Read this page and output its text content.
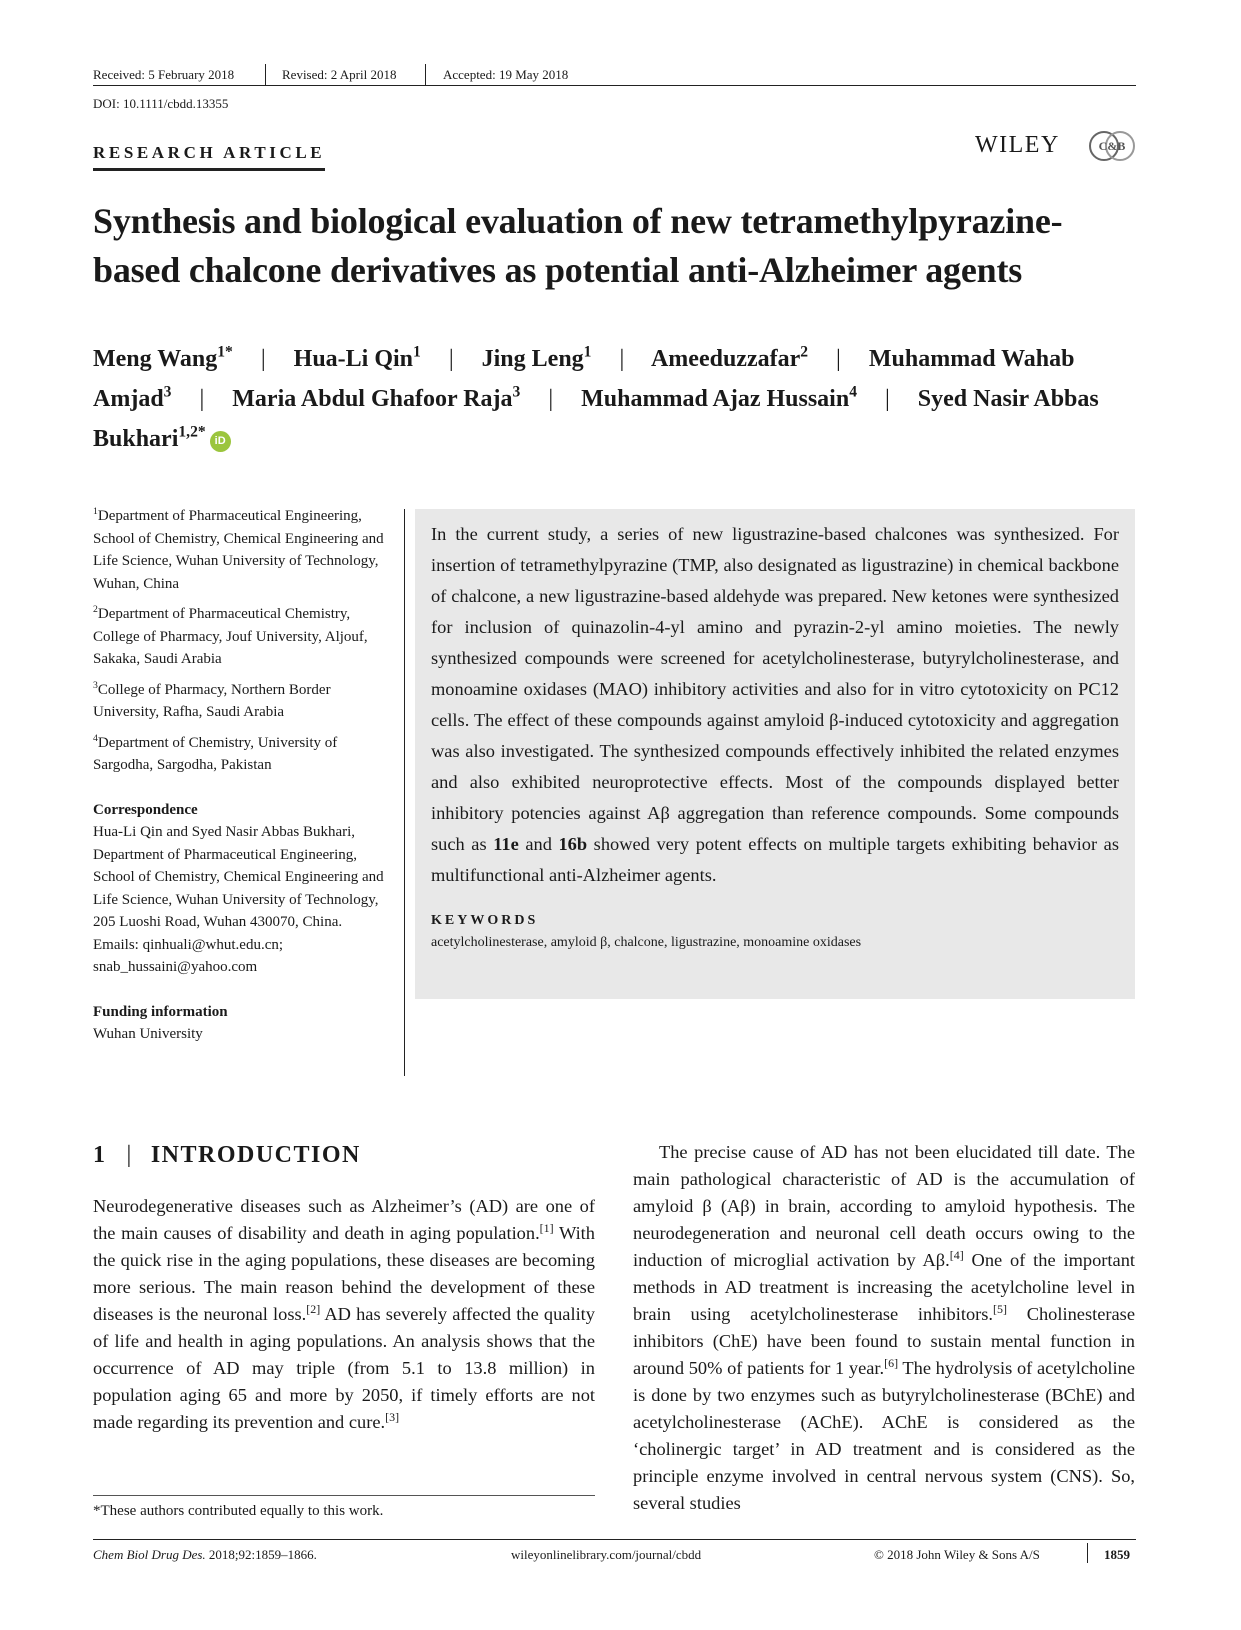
Received: 5 February 2018	Revised: 2 April 2018	Accepted: 19 May 2018
DOI: 10.1111/cbdd.13355
RESEARCH ARTICLE	WILEY	C&B
Synthesis and biological evaluation of new tetramethylpyrazine-based chalcone derivatives as potential anti-Alzheimer agents
Meng Wang$^{1*}$ | Hua-Li Qin$^1$ | Jing Leng$^1$ | Ameeduzzafar$^2$ | Muhammad Wahab Amjad$^3$ | Maria Abdul Ghafoor Raja$^3$ | Muhammad Ajaz Hussain$^4$ | Syed Nasir Abbas Bukhari$^{1,2*}$iD
$^1$Department of Pharmaceutical Engineering, School of Chemistry, Chemical Engineering and Life Science, Wuhan University of Technology, Wuhan, China
$^2$Department of Pharmaceutical Chemistry, College of Pharmacy, Jouf University, Aljouf, Sakaka, Saudi Arabia
$^3$College of Pharmacy, Northern Border University, Rafha, Saudi Arabia
$^4$Department of Chemistry, University of Sargodha, Sargodha, Pakistan
Correspondence
Hua-Li Qin and Syed Nasir Abbas Bukhari, Department of Pharmaceutical Engineering, School of Chemistry, Chemical Engineering and Life Science, Wuhan University of Technology, 205 Luoshi Road, Wuhan 430070, China.
Emails: qinhuali@whut.edu.cn; snab_hussaini@yahoo.com
Funding information
Wuhan University

In the current study, a series of new ligustrazine-based chalcones was synthesized. For insertion of tetramethylpyrazine (TMP, also designated as ligustrazine) in chemical backbone of chalcone, a new ligustrazine-based aldehyde was prepared. New ketones were synthesized for inclusion of quinazolin-4-yl amino and pyrazin-2-yl amino moieties. The newly synthesized compounds were screened for acetylcholinesterase, butyrylcholinesterase, and monoamine oxidases (MAO) inhibitory activities and also for in vitro cytotoxicity on PC12 cells. The effect of these compounds against amyloid β-induced cytotoxicity and aggregation was also investigated. The synthesized compounds effectively inhibited the related enzymes and also exhibited neuroprotective effects. Most of the compounds displayed better inhibitory potencies against Aβ aggregation than reference compounds. Some compounds such as 11e and 16b showed very potent effects on multiple targets exhibiting behavior as multifunctional anti-Alzheimer agents.

KEYWORDS
acetylcholinesterase, amyloid β, chalcone, ligustrazine, monoamine oxidases
1 | INTRODUCTION

Neurodegenerative diseases such as Alzheimer’s (AD) are one of the main causes of disability and death in aging population.[1] With the quick rise in the aging populations, these diseases are becoming more serious. The main reason behind the development of these diseases is the neuronal loss.[2] AD has severely affected the quality of life and health in aging populations. An analysis shows that the occurrence of AD may triple (from 5.1 to 13.8 million) in population aging 65 and more by 2050, if timely efforts are not made regarding its prevention and cure.[3]

The precise cause of AD has not been elucidated till date. The main pathological characteristic of AD is the accumulation of amyloid β (Aβ) in brain, according to amyloid hypothesis. The neurodegeneration and neuronal cell death occurs owing to the induction of microglial activation by Aβ.[4] One of the important methods in AD treatment is increasing the acetylcholine level in brain using acetylcholinesterase inhibitors.[5] Cholinesterase inhibitors (ChE) have been found to sustain mental function in around 50% of patients for 1 year.[6] The hydrolysis of acetylcholine is done by two enzymes such as butyrylcholinesterase (BChE) and acetylcholinesterase (AChE). AChE is considered as the ‘cholinergic target’ in AD treatment and is considered as the principle enzyme involved in central nervous system (CNS). So, several studies

*These authors contributed equally to this work.
Chem Biol Drug Des. 2018;92:1859–1866.	wileyonlinelibrary.com/journal/cbdd	© 2018 John Wiley & Sons A/S	1859
